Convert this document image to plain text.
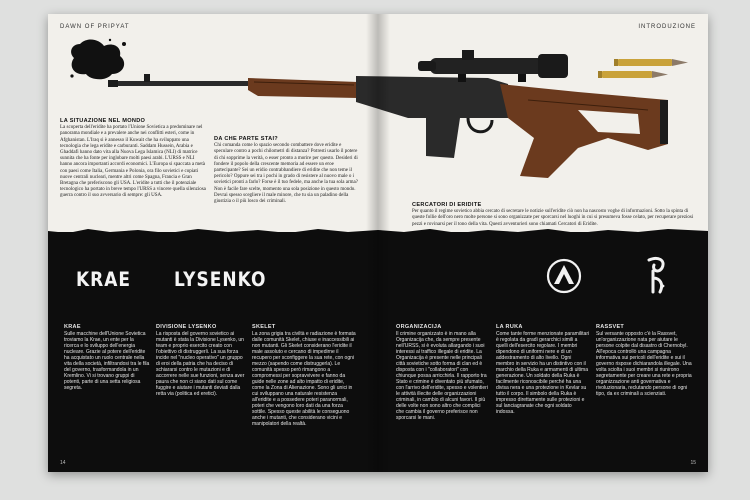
DAWN OF PRIPYAT
LA SITUAZIONE NEL MONDO
La scoperta dell'eridite ha portato l'Unione Sovietica a predominare nel panorama mondiale e a prevalere anche nei conflitti esteri, come in Afghanistan. L'Iraq si è annesso il Kuwait che ha sviluppato una tecnologia che lega eridite e carburanti. Saddam Hussein, Arabia e Ghaddafi hanno dato vita alla Nuova Lega Islamica (NLI) di matrice sunnita che ha fonte per inglobare molti paesi arabi. L'URSS e NLI hanno ancora importanti accordi economici. L'Europa si spaccata a metà con paesi come Italia, Germania e Polonia, ora filo sovietici e copiati nuove centrali nucleari, mentre altri come Spagna, Francia e Gran Bretagna che preferiscono gli USA. L'eridite a tutti che il potenziale tecnologico ha portato in breve tempo l'URSS a vincere quella silenziosa guerra contro il suo avversario di sempre: gli USA.
DA CHE PARTE STAI?
Chi comanda come lo spazio secondo combattere dove eridite e speculare contro a pochi chilometri di distanza? Potresti usarlo il potere di chi sopprime la verità, o esser pronto a morire per questo. Desideri di fondere il popolo della crescente memoria ad essere un eroe partecipante? Sei un eridio contrabbandiere di eridite che non teme il pericolo? Oppure sei tra i pochi in grado di resistere al nuovo male o i sovietici pronti a farlo? Forse è il tuo fedele, ma anche la tua sola arma? Non è facile fare scelte, momento una sola posizione in questo mondo. Devrai spesso scegliere il male minore, che tu sia un paladino della giustizia o il più losco dei criminali.
KRAE	LYSENKO
KRAE
Sulle macchine dell'Unione Sovietica troviamo la Krae, un ente per la ricerca e lo sviluppo dell'energia nucleare. Grazie al potere dell'eridite ha acquistato un ruolo centrale nella vita della società, infiltrandosi tra le fila del governo, trasformandola in un Kremlino. Vi si trovano gruppi di potenti, parte di una setta religiosa segreta.
DIVISIONE LYSENKO
La risposta del governo sovietico ai mutanti è stata la Divisione Lysenko, un team e proprio esercito creato con l'obiettivo di distruggerli. La sua forza incide nel "nucleo operativo" un gruppo di eroi della patria che ha deciso di schiararsi contro le mutazioni e di accorrere nelle sue funzioni, senza aver paura che non ci siano dati sul come fuggire e aiutare i mutanti deviati dalla retta via (politica ed eretici).
SKELET
La zona grigia tra civiltà e radiazione è formata dalle comunità Skelet, chiuse e inaccessibili ai non mutanti. Gli Skelet considerano l'eridite il male assoluto e cercano di impedirne il recupero per sconfiggere la sua rete, con ogni mezzo (sapendo come distruggerla). Le comunità spesso però rimangono a compromessi per sopravvivere e fanno da guide nelle zone ad alto impatto di eridite, come la Zona di Alienazione. Sono gli unici in cui sviluppano una naturale resistenza all'eridite e a possedere poteri paranormali, poteri che vengono loro dati da una forza sottile. Spesso queste abilità le conseguono anche i mutanti, che considerano vicini e manipolatori della realtà.
14
INTRODUZIONE
CERCATORI DI ERIDITE
Per quanto il regime sovietico abbia cercato di secretare le notizie sull'eridite ciò non ha nascosto voghe di informazioni. Sotto la spinta di queste follie dell'oro nero molte persone si sono organizzate per sporcarsi nel luoghi in cui si presumeva fosse celato, per recuperare preziosi pezzi e rovinarsi per il tono della vita. Questi avventurieri sono chiamati Cercatori di Eridite.
ORGANIZACIJA
Il crimine organizzato è in mano alla Organizacija che, da sempre presente nell'URSS, si è evoluta allargando i suoi interessi al traffico illegale di eridite. La Organizacija è presente nelle principali città sovietiche sotto forma di clan ed è disposta con i "collaboratori" con chiunque possa arricchirla. Il rapporto tra Stato e crimine è diventato più sfumato, con l'arrivo dell'eridite, spesso e volentieri le attività illecite delle organizzazioni criminali, in cambio di alcuni favori. Il più delle volte non sono altro che complici che cambia il governo preferisce non sporcarsi le mani.
LA RUKA
Come tante forme menzionate paramilitari è regolata da gradi gerarchici simili a quelli dell'esercito regolare. I membri dipendono di uniformi nere e di un addestramento di alto livello. Ogni membro in servizio ha un distintivo con il marchio della Ruka e armamenti di ultima generazione. Un soldato della Ruka è facilmente riconoscibile perché ha una divisa nera e una protezione in Kevlar su tutto il corpo. Il simbolo della Ruka è impresso direttamente sulle protezioni e sul lanciagranate che ogni soldato indossa.
RASSVET
Sul versante opposto c'è la Rassvet, un'organizzazione nata per aiutare le persone colpite dal disastro di Chernobyl. All'epoca controllò una campagna informativa sui pericoli dell'eridite e sui il governo rispose dichiarandola illegale. Una volta sciolta i suoi membri si riunirono segretamente per creare una rete e propria organizzazione anti governativa e rivoluzionaria, reclutando persone di ogni tipo, da ex criminali a scienziati.
15
